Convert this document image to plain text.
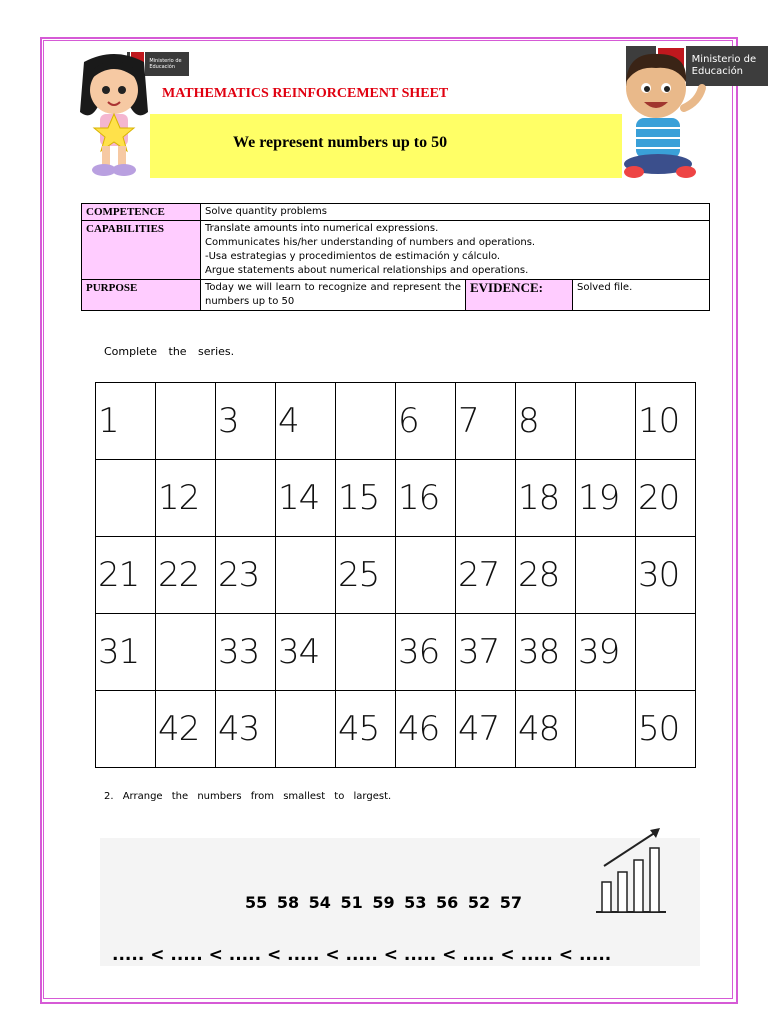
Ministerio de Educación
Ministerio de Educación
MATHEMATICS REINFORCEMENT SHEET
We represent numbers up to 50
COMPETENCE	Solve quantity problems		
CAPABILITIES	Translate amounts into numerical expressions.
Communicates his/her understanding of numbers and operations.
-Usa estrategias y procedimientos de estimación y cálculo.
Argue statements about numerical relationships and operations.		

PURPOSE	Today we will learn to recognize and represent the numbers up to 50	EVIDENCE:	Solved file.
Complete the series.
1		3	4		6	7	8		10
	12		14	15	16		18	19	20
21	22	23		25		27	28		30
31		33	34		36	37	38	39	
	42	43		45	46	47	48		50
2. Arrange the numbers from smallest to largest.
55 58 54 51 59 53 56 52 57
..... < ..... < ..... < ..... < ..... < ..... < ..... < ..... < .....
